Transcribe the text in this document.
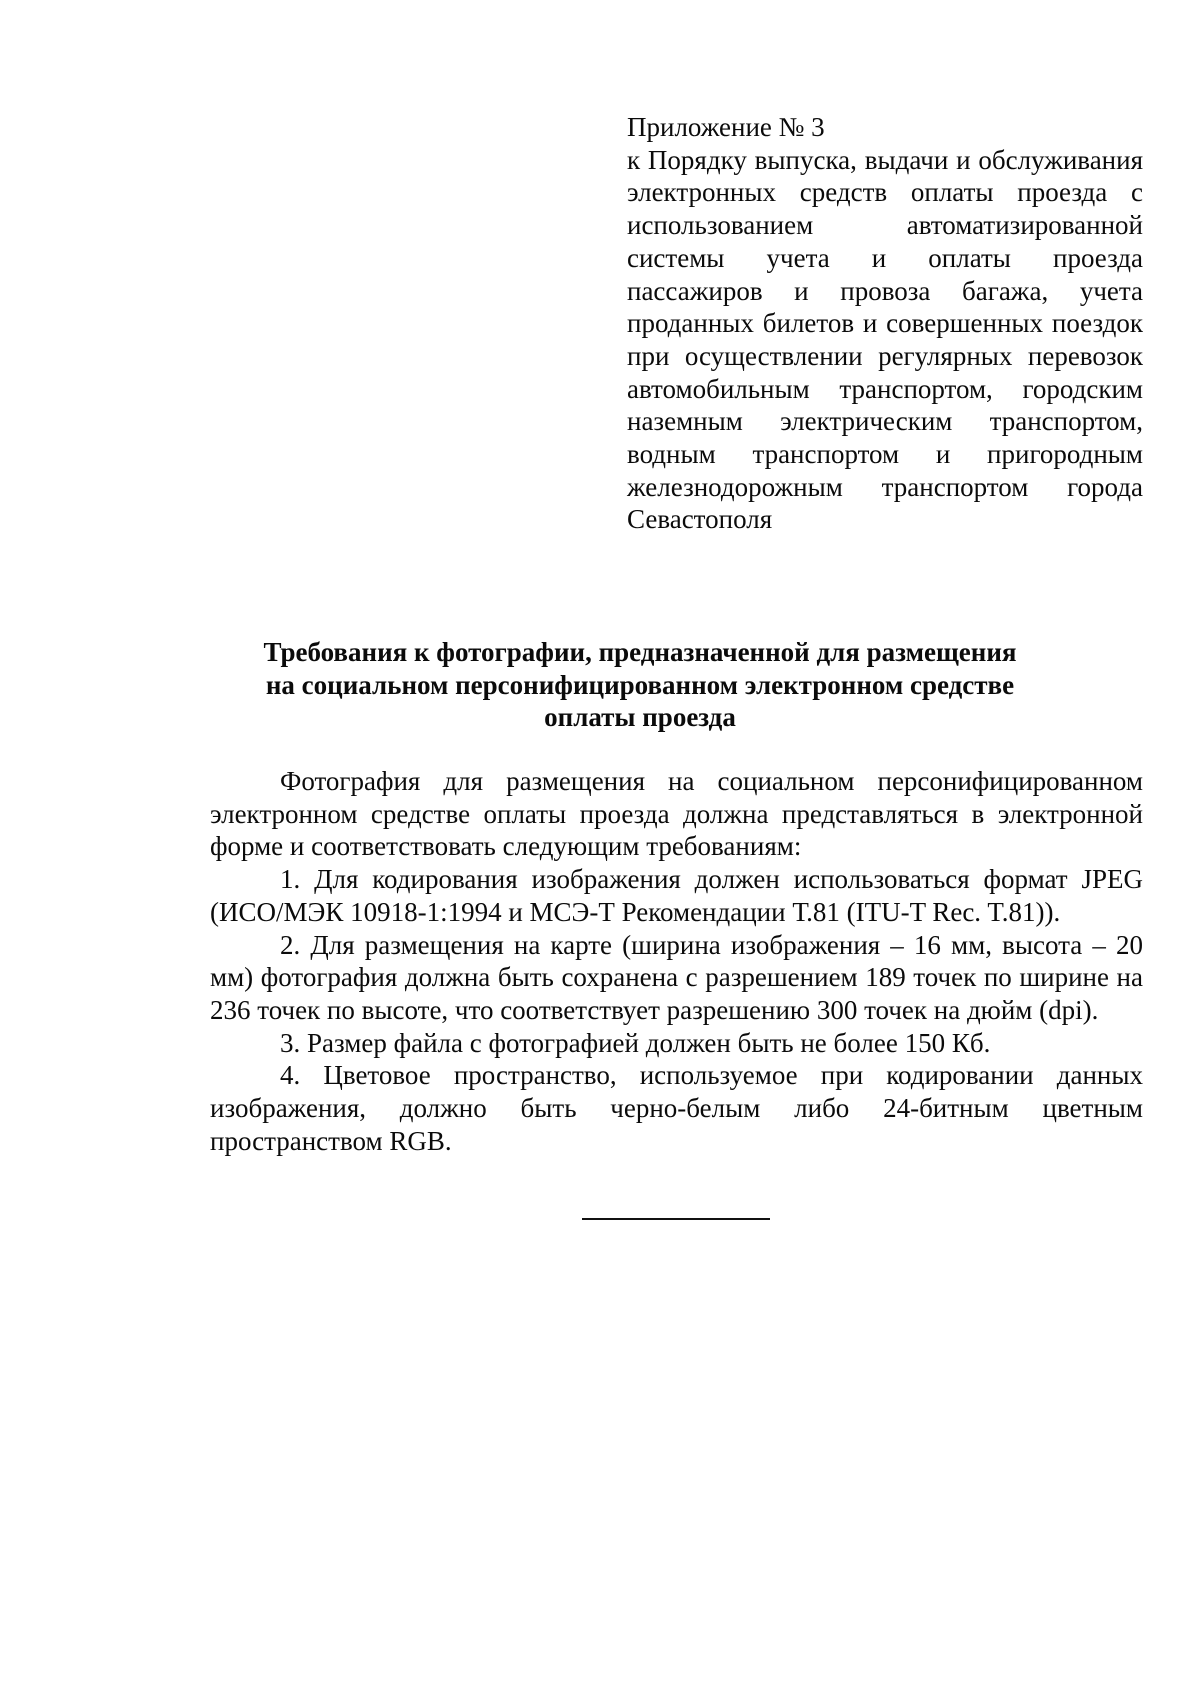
Приложение № 3
к Порядку выпуска, выдачи и обслуживания электронных средств оплаты проезда с использованием автоматизированной системы учета и оплаты проезда пассажиров и провоза багажа, учета проданных билетов и совершенных поездок при осуществлении регулярных перевозок автомобильным транспортом, городским наземным электрическим транспортом, водным транспортом и пригородным железнодорожным транспортом города Севастополя
Требования к фотографии, предназначенной для размещения
на социальном персонифицированном электронном средстве
оплаты проезда

Фотография для размещения на социальном персонифицированном электронном средстве оплаты проезда должна представляться в электронной форме и соответствовать следующим требованиям:

1. Для кодирования изображения должен использоваться формат JPEG (ИСО/МЭК 10918-1:1994 и МСЭ-Т Рекомендации Т.81 (ITU-T Rec. T.81)).

2. Для размещения на карте (ширина изображения – 16 мм, высота – 20 мм) фотография должна быть сохранена с разрешением 189 точек по ширине на 236 точек по высоте, что соответствует разрешению 300 точек на дюйм (dpi).

3. Размер файла с фотографией должен быть не более 150 Кб.

4. Цветовое пространство, используемое при кодировании данных изображения, должно быть черно-белым либо 24-битным цветным пространством RGB.
